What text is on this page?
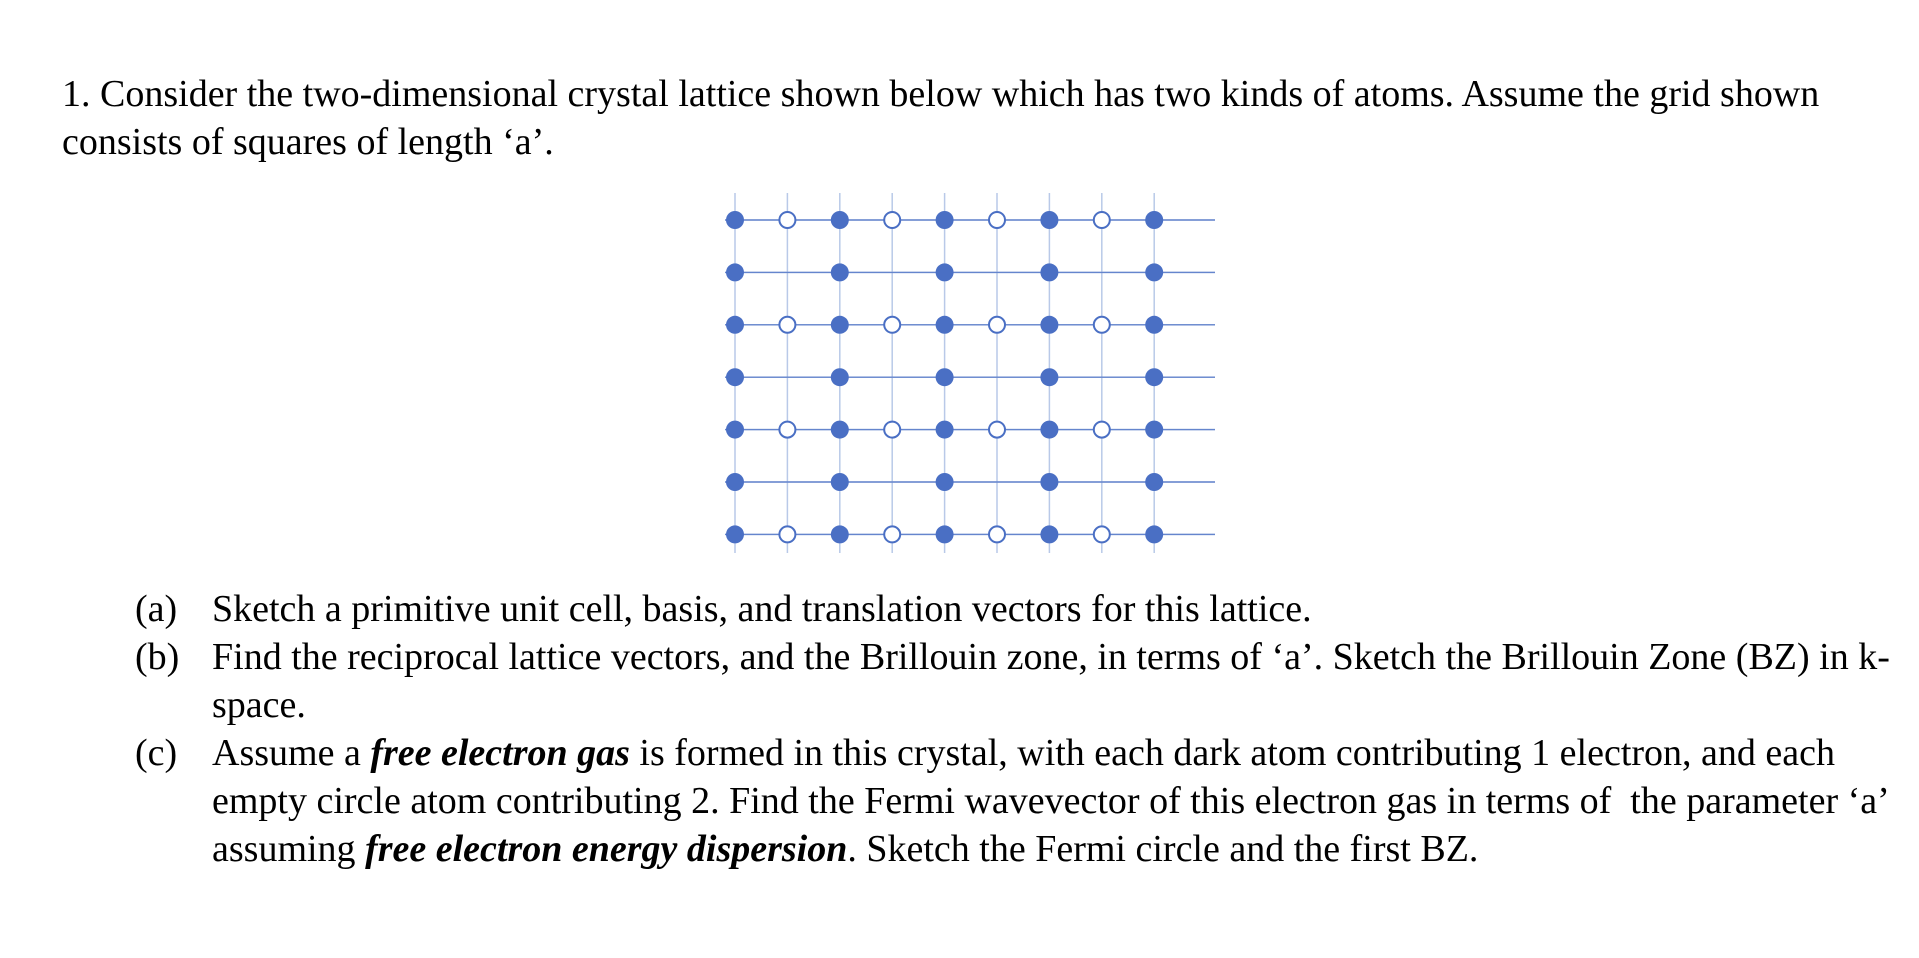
1. Consider the two-dimensional crystal lattice shown below which has two kinds of atoms. Assume the grid shown consists of squares of length ‘a’.

(a) Sketch a primitive unit cell, basis, and translation vectors for this lattice.
(b) Find the reciprocal lattice vectors, and the Brillouin zone, in terms of ‘a’. Sketch the Brillouin Zone (BZ) in k-space.
(c) Assume a free electron gas is formed in this crystal, with each dark atom contributing 1 electron, and each empty circle atom contributing 2. Find the Fermi wavevector of this electron gas in terms of  the parameter ‘a’ assuming free electron energy dispersion. Sketch the Fermi circle and the first BZ.
